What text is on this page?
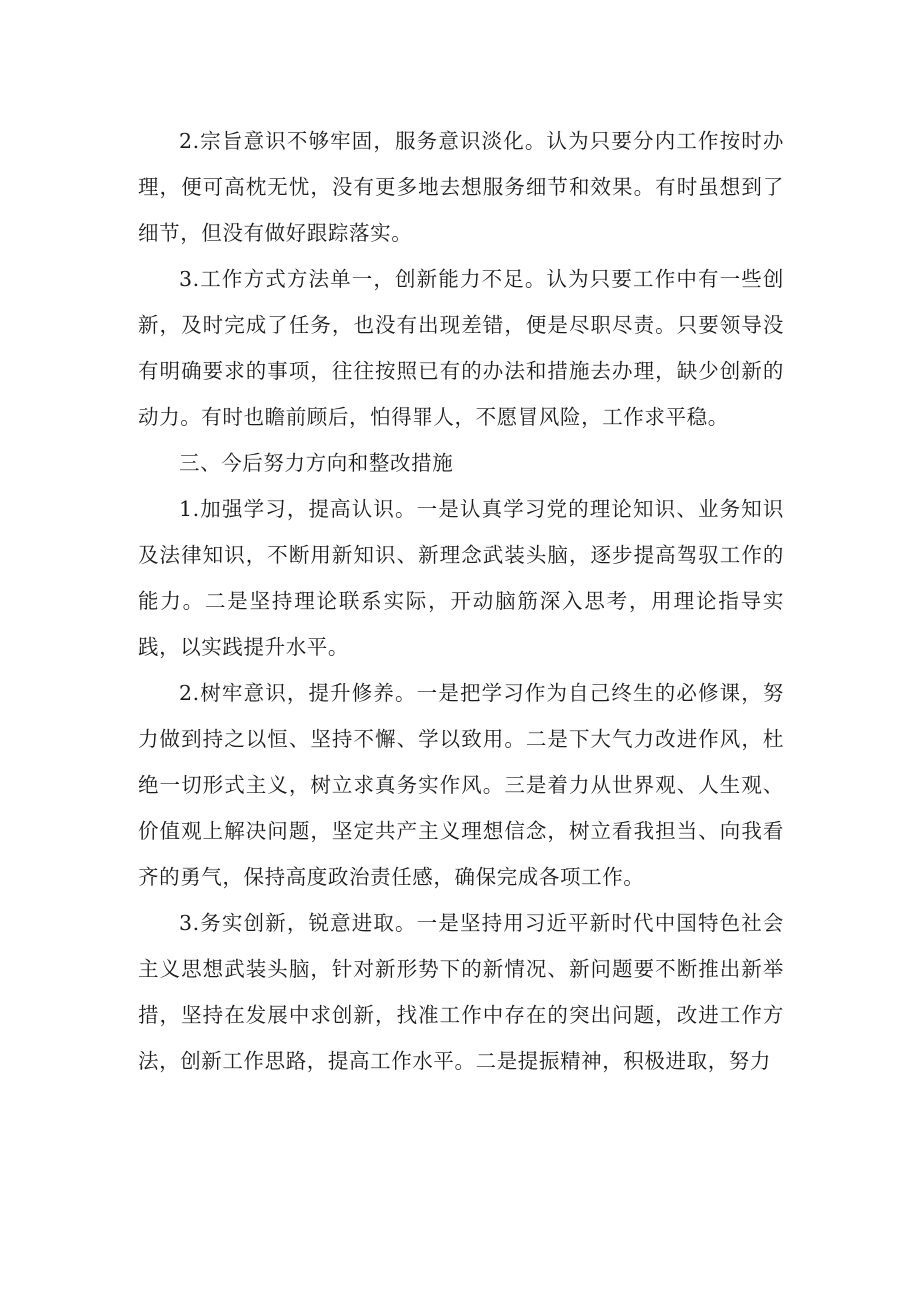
2.宗旨意识不够牢固，服务意识淡化。认为只要分内工作按时办理，便可高枕无忧，没有更多地去想服务细节和效果。有时虽想到了细节，但没有做好跟踪落实。

3.工作方式方法单一，创新能力不足。认为只要工作中有一些创新，及时完成了任务，也没有出现差错，便是尽职尽责。只要领导没有明确要求的事项，往往按照已有的办法和措施去办理，缺少创新的动力。有时也瞻前顾后，怕得罪人，不愿冒风险，工作求平稳。

三、今后努力方向和整改措施

1.加强学习，提高认识。一是认真学习党的理论知识、业务知识及法律知识，不断用新知识、新理念武装头脑，逐步提高驾驭工作的能力。二是坚持理论联系实际，开动脑筋深入思考，用理论指导实践，以实践提升水平。

2.树牢意识，提升修养。一是把学习作为自己终生的必修课，努力做到持之以恒、坚持不懈、学以致用。二是下大气力改进作风，杜绝一切形式主义，树立求真务实作风。三是着力从世界观、人生观、价值观上解决问题，坚定共产主义理想信念，树立看我担当、向我看齐的勇气，保持高度政治责任感，确保完成各项工作。

3.务实创新，锐意进取。一是坚持用习近平新时代中国特色社会主义思想武装头脑，针对新形势下的新情况、新问题要不断推出新举措，坚持在发展中求创新，找准工作中存在的突出问题，改进工作方法，创新工作思路，提高工作水平。二是提振精神，积极进取，努力
